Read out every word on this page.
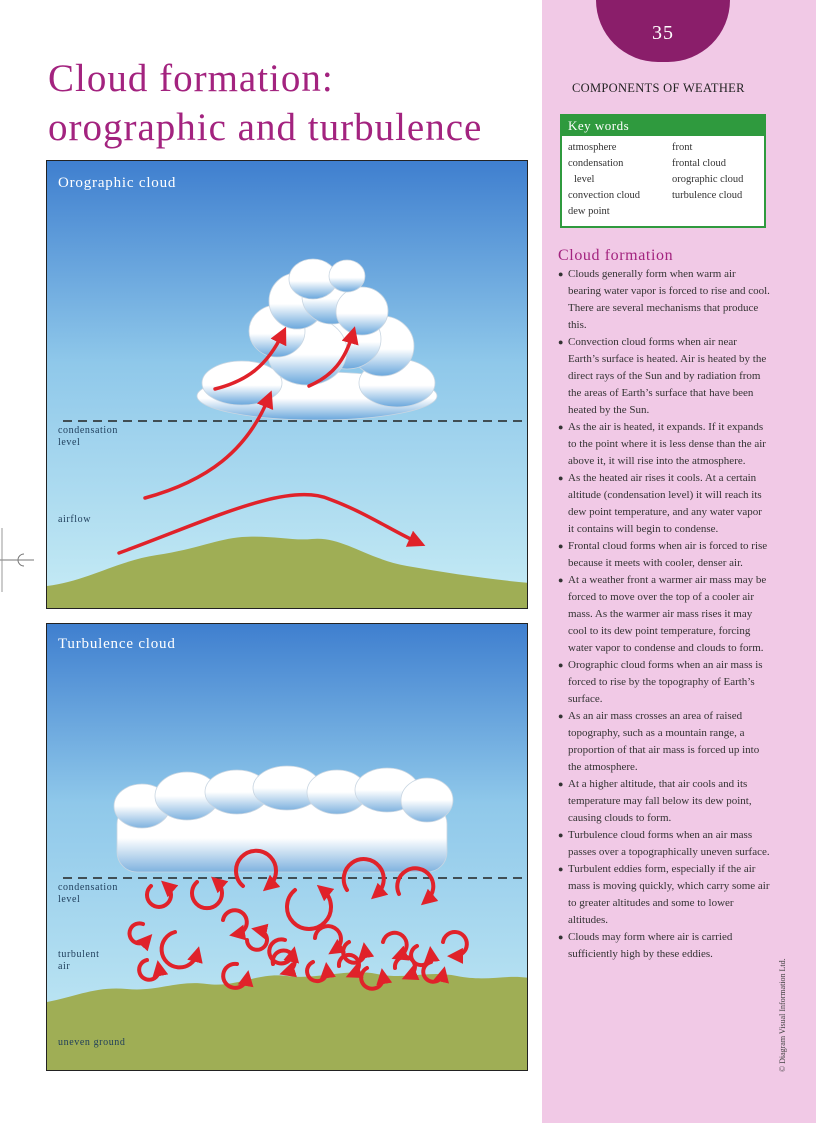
35
COMPONENTS OF WEATHER
Key words
atmosphere
condensation
level
convection cloud
dew point
front
frontal cloud
orographic cloud
turbulence cloud
Cloud formation
● Clouds generally form when warm air bearing water vapor is forced to rise and cool. There are several mechanisms that produce this.
● Convection cloud forms when air near Earth’s surface is heated. Air is heated by the direct rays of the Sun and by radiation from the areas of Earth’s surface that have been heated by the Sun.
● As the air is heated, it expands. If it expands to the point where it is less dense than the air above it, it will rise into the atmosphere.
● As the heated air rises it cools. At a certain altitude (condensation level) it will reach its dew point temperature, and any water vapor it contains will begin to condense.
● Frontal cloud forms when air is forced to rise because it meets with cooler, denser air.
● At a weather front a warmer air mass may be forced to move over the top of a cooler air mass. As the warmer air mass rises it may cool to its dew point temperature, forcing water vapor to condense and clouds to form.
● Orographic cloud forms when an air mass is forced to rise by the topography of Earth’s surface.
● As an air mass crosses an area of raised topography, such as a mountain range, a proportion of that air mass is forced up into the atmosphere.
● At a higher altitude, that air cools and its temperature may fall below its dew point, causing clouds to form.
● Turbulence cloud forms when an air mass passes over a topographically uneven surface.
● Turbulent eddies form, especially if the air mass is moving quickly, which carry some air to greater altitudes and some to lower altitudes.
● Clouds may form where air is carried sufficiently high by these eddies.
© Diagram Visual Information Ltd.
Cloud formation:
orographic and turbulence
Orographic cloud
condensation
level
airflow
Turbulence cloud
condensation
level
turbulent
air
uneven ground
